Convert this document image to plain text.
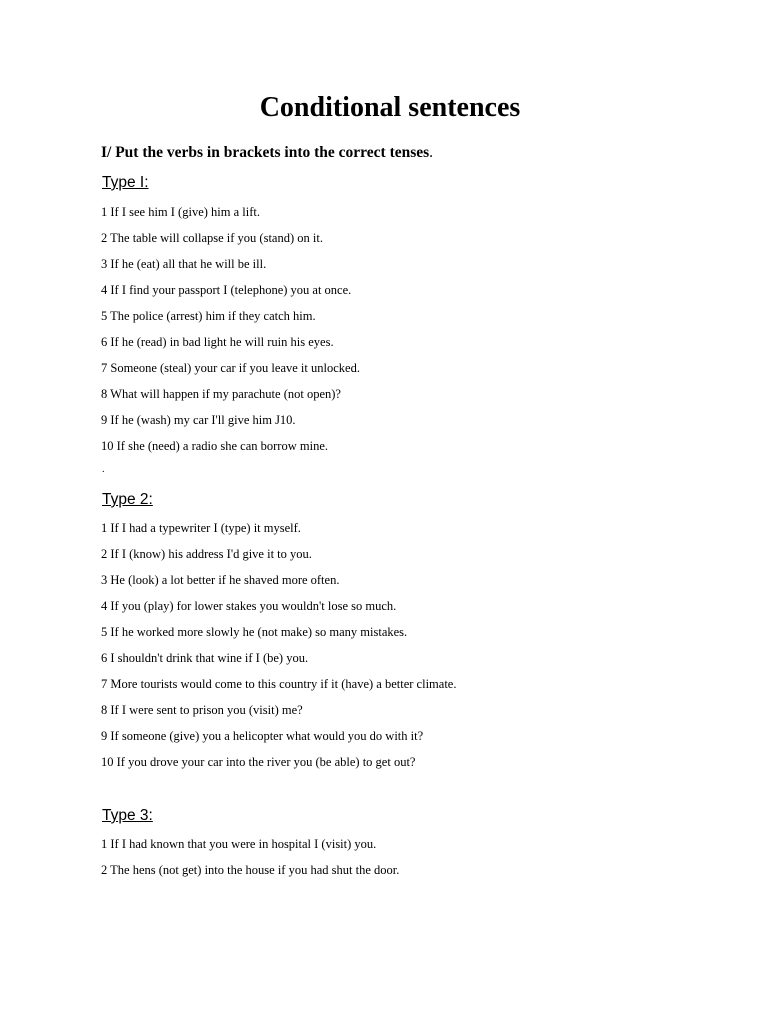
Conditional sentences

I/ Put the verbs in brackets into the correct tenses.

Type I:

1 If I see him I (give) him a lift.

2 The table will collapse if you (stand) on it.

3 If he (eat) all that he will be ill.

4 If I find your passport I (telephone) you at once.

5 The police (arrest) him if they catch him.

6 If he (read) in bad light he will ruin his eyes.

7 Someone (steal) your car if you leave it unlocked.

8 What will happen if my parachute (not open)?

9 If he (wash) my car I'll give him J10.

10 If she (need) a radio she can borrow mine.

.

Type 2:

1 If I had a typewriter I (type) it myself.

2 If I (know) his address I'd give it to you.

3 He (look) a lot better if he shaved more often.

4 If you (play) for lower stakes you wouldn't lose so much.

5 If he worked more slowly he (not make) so many mistakes.

6 I shouldn't drink that wine if I (be) you.

7 More tourists would come to this country if it (have) a better climate.

8 If I were sent to prison you (visit) me?

9 If someone (give) you a helicopter what would you do with it?

10 If you drove your car into the river you (be able) to get out?

Type 3:

1 If I had known that you were in hospital I (visit) you.

2 The hens (not get) into the house if you had shut the door.
